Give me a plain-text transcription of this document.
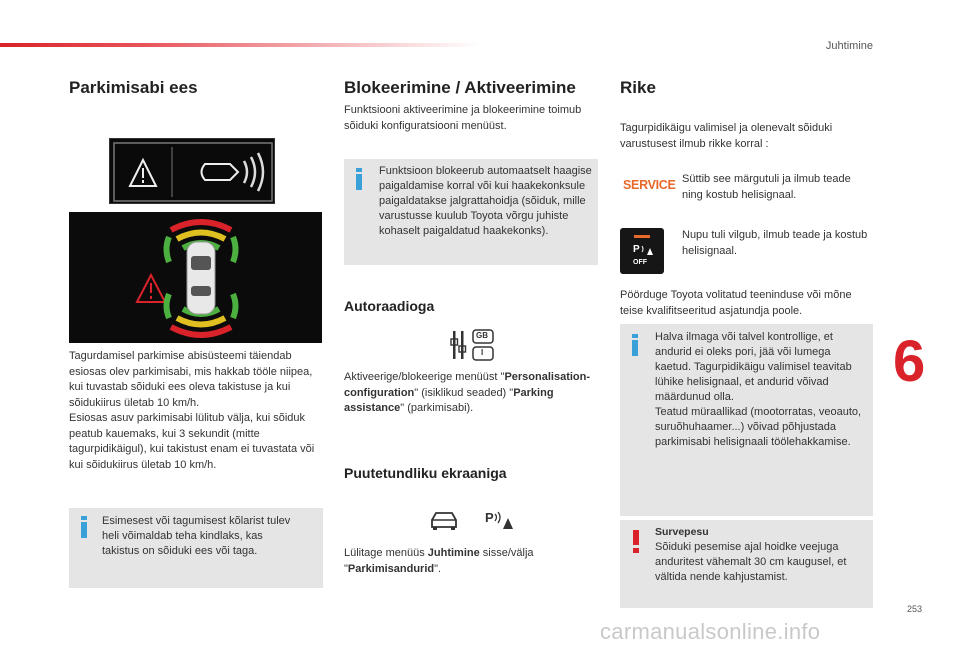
Juhtimine
253
6
carmanualsonline.info
Parkimisabi ees
Tagurdamisel parkimise abisüsteemi täiendab esiosas olev parkimisabi, mis hakkab tööle niipea, kui tuvastab sõiduki ees oleva takistuse ja kui sõidukiirus ületab 10 km/h.
Esiosas asuv parkimisabi lülitub välja, kui sõiduk peatub kauemaks, kui 3 sekundit (mitte tagurpidikäigul), kui takistust enam ei tuvastata või kui sõidukiirus ületab 10 km/h.
Esimesest või tagumisest kõlarist tulev heli võimaldab teha kindlaks, kas takistus on sõiduki ees või taga.
Blokeerimine / Aktiveerimine
Funktsiooni aktiveerimine ja blokeerimine toimub sõiduki konfiguratsiooni menüüst.
Funktsioon blokeerub automaatselt haagise paigaldamise korral või kui haakekonksule paigaldatakse jalgrattahoidja (sõiduk, mille varustusse kuulub Toyota võrgu juhiste kohaselt paigaldatud haakekonks).
Autoraadioga
GB
I
Aktiveerige/blokeerige menüüst "Personalisation-configuration" (isiklikud seaded) "Parking assistance" (parkimisabi).
Puutetundliku ekraaniga
P
Lülitage menüüs Juhtimine sisse/välja "Parkimisandurid".
Rike
Tagurpidikäigu valimisel ja olenevalt sõiduki varustusest ilmub rikke korral :
SERVICE Süttib see märgutuli ja ilmub teade ning kostub helisignaal.
P
OFF
Nupu tuli vilgub, ilmub teade ja kostub helisignaal.
Pöörduge Toyota volitatud teeninduse või mõne teise kvalifitseeritud asjatundja poole.
Halva ilmaga või talvel kontrollige, et andurid ei oleks pori, jää või lumega kaetud. Tagurpidikäigu valimisel teavitab lühike helisignaal, et andurid võivad määrdunud olla.
Teatud müraallikad (mootorratas, veoauto, suruõhuhaamer...) võivad põhjustada parkimisabi helisignaali töölehakkamise.
Survepesu
Sõiduki pesemise ajal hoidke veejuga anduritest vähemalt 30 cm kaugusel, et vältida nende kahjustamist.
